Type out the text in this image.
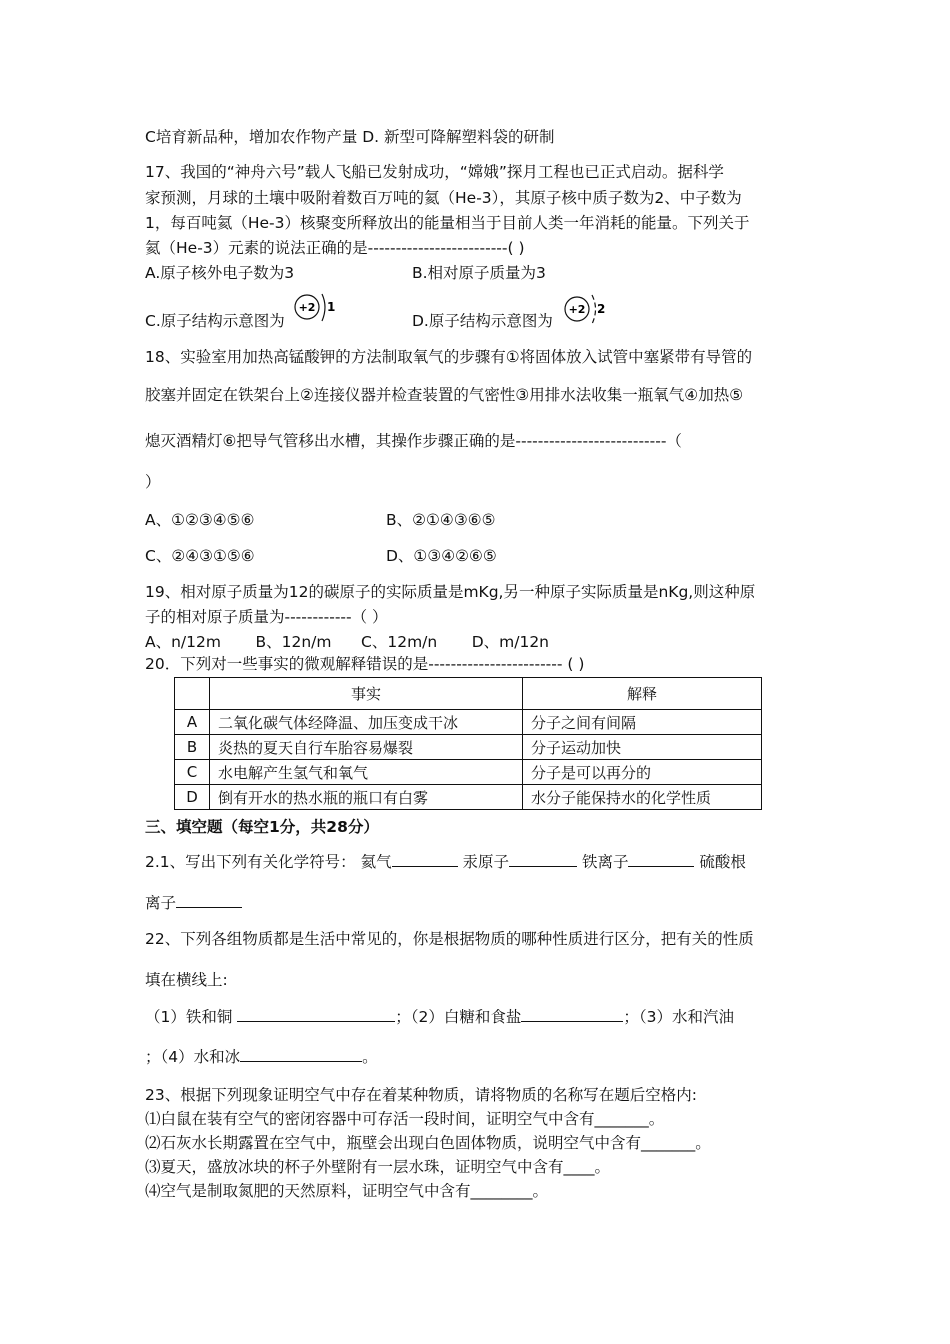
C培育新品种，增加农作物产量 D. 新型可降解塑料袋的研制
17、我国的“神舟六号”载人飞船已发射成功，“嫦娥”探月工程也已正式启动。据科学
家预测，月球的土壤中吸附着数百万吨的氦（He-3），其原子核中质子数为2、中子数为
1，每百吨氦（He-3）核聚变所释放出的能量相当于目前人类一年消耗的能量。下列关于
氦（He-3）元素的说法正确的是-------------------------( )
A.原子核外电子数为3	B.相对原子质量为3
C.原子结构示意图为	D.原子结构示意图为
+2 1	+2 2
18、实验室用加热高锰酸钾的方法制取氧气的步骤有①将固体放入试管中塞紧带有导管的
胶塞并固定在铁架台上②连接仪器并检查装置的气密性③用排水法收集一瓶氧气④加热⑤
熄灭酒精灯⑥把导气管移出水槽，其操作步骤正确的是---------------------------（
）
A、①②③④⑤⑥	B、②①④③⑥⑤
C、②④③①⑤⑥	D、①③④②⑥⑤
19、相对原子质量为12的碳原子的实际质量是mKg,另一种原子实际质量是nKg,则这种原
子的相对原子质量为------------（ ）
A、n/12m       B、12n/m      C、12m/n       D、m/12n
20．下列对一些事实的微观解释错误的是------------------------ ( )
	事实	解释
A	二氧化碳气体经降温、加压变成干冰	分子之间有间隔
B	炎热的夏天自行车胎容易爆裂	分子运动加快
C	水电解产生氢气和氧气	分子是可以再分的
D	倒有开水的热水瓶的瓶口有白雾	水分子能保持水的化学性质
三、填空题（每空1分，共28分）
2.1、写出下列有关化学符号： 氦气	汞原子	铁离子	硫酸根
离子
22、下列各组物质都是生活中常见的，你是根据物质的哪种性质进行区分，把有关的性质
填在横线上:
（1）铁和铜	；（2）白糖和食盐	；（3）水和汽油
；（4）水和冰	。
23、根据下列现象证明空气中存在着某种物质，请将物质的名称写在题后空格内:
⑴白鼠在装有空气的密闭容器中可存活一段时间，证明空气中含有_______。
⑵石灰水长期露置在空气中，瓶壁会出现白色固体物质，说明空气中含有_______。
⑶夏天，盛放冰块的杯子外壁附有一层水珠，证明空气中含有____。
⑷空气是制取氮肥的天然原料，证明空气中含有________。
